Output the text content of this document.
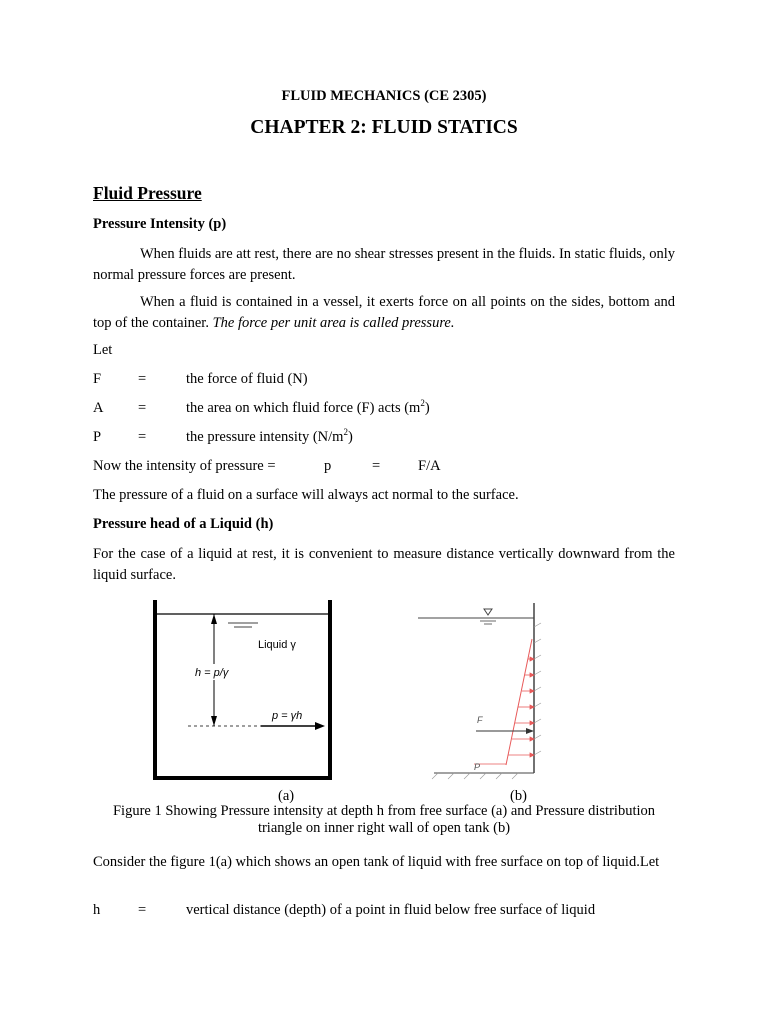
FLUID MECHANICS (CE 2305)
CHAPTER 2: FLUID STATICS
Fluid Pressure
Pressure Intensity (p)
When fluids are att rest, there are no shear stresses present in the fluids. In static fluids, only normal pressure forces are present.
When a fluid is contained in a vessel, it exerts force on all points on the sides, bottom and top of the container. The force per unit area is called pressure.
Let
F	=	the force of fluid (N)
A =	the area on which fluid force (F) acts $(m^2)$
P	=	the pressure intensity $(N/m^2)$
Now the intensity of pressure =	p	=	F/A
The pressure of a fluid on a surface will always act normal to the surface.
Pressure head of a Liquid (h)
For the case of a liquid at rest, it is convenient to measure distance vertically downward from the liquid surface.
Liquid γ
h = p/γ
p = γh	F
P
(a)	(b)
Figure 1 Showing Pressure intensity at depth h from free surface (a) and Pressure distribution
triangle on inner right wall of open tank (b)
Consider the figure 1(a) which shows an open tank of liquid with free surface on top of liquid.Let
h	=	vertical distance (depth) of a point in fluid below free surface of liquid
